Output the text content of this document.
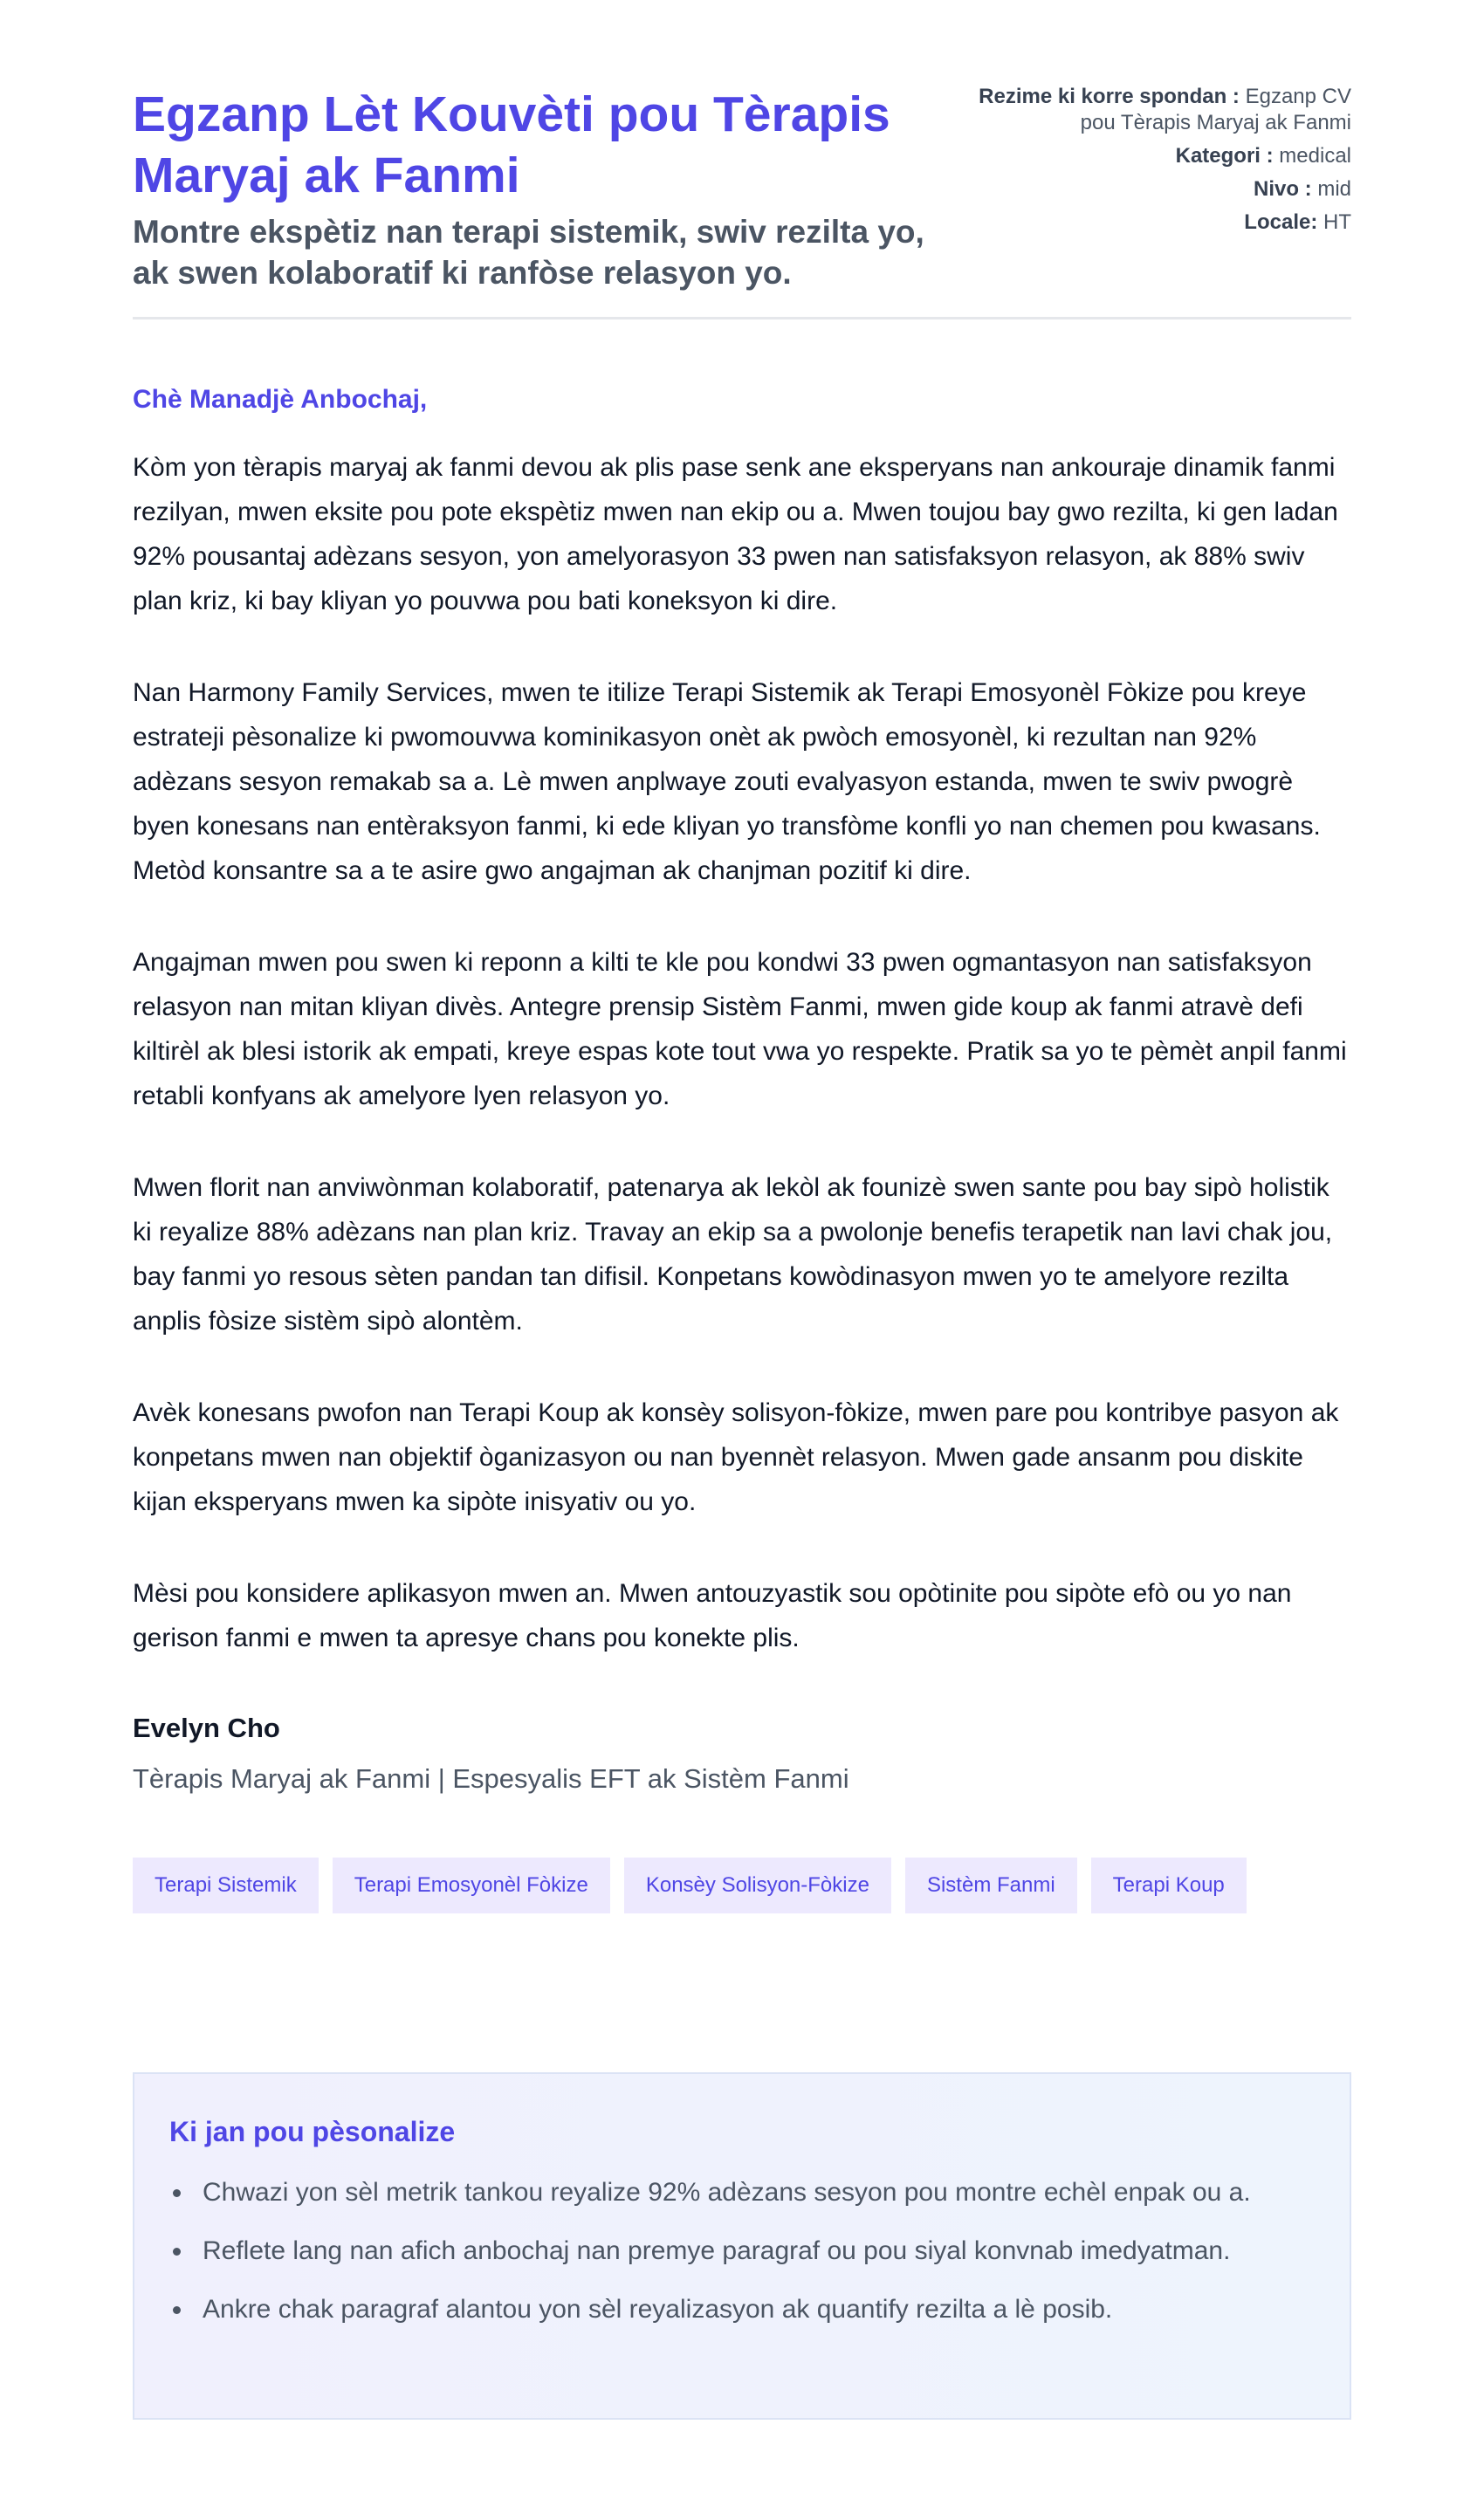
Egzanp Lèt Kouvèti pou Tèrapis Maryaj ak Fanmi
Montre ekspètiz nan terapi sistemik, swiv rezilta yo, ak swen kolaboratif ki ranfòse relasyon yo.
Rezime ki korre spondan : Egzanp CV pou Tèrapis Maryaj ak Fanmi
Kategori : medical
Nivo : mid
Locale: HT
Chè Manadjè Anbochaj,

Kòm yon tèrapis maryaj ak fanmi devou ak plis pase senk ane eksperyans nan ankouraje dinamik fanmi rezilyan, mwen eksite pou pote ekspètiz mwen nan ekip ou a. Mwen toujou bay gwo rezilta, ki gen ladan 92% pousantaj adèzans sesyon, yon amelyorasyon 33 pwen nan satisfaksyon relasyon, ak 88% swiv plan kriz, ki bay kliyan yo pouvwa pou bati koneksyon ki dire.

Nan Harmony Family Services, mwen te itilize Terapi Sistemik ak Terapi Emosyonèl Fòkize pou kreye estrateji pèsonalize ki pwomouvwa kominikasyon onèt ak pwòch emosyonèl, ki rezultan nan 92% adèzans sesyon remakab sa a. Lè mwen anplwaye zouti evalyasyon estanda, mwen te swiv pwogrè byen konesans nan entèraksyon fanmi, ki ede kliyan yo transfòme konfli yo nan chemen pou kwasans. Metòd konsantre sa a te asire gwo angajman ak chanjman pozitif ki dire.

Angajman mwen pou swen ki reponn a kilti te kle pou kondwi 33 pwen ogmantasyon nan satisfaksyon relasyon nan mitan kliyan divès. Antegre prensip Sistèm Fanmi, mwen gide koup ak fanmi atravè defi kiltirèl ak blesi istorik ak empati, kreye espas kote tout vwa yo respekte. Pratik sa yo te pèmèt anpil fanmi retabli konfyans ak amelyore lyen relasyon yo.

Mwen florit nan anviwònman kolaboratif, patenarya ak lekòl ak founizè swen sante pou bay sipò holistik ki reyalize 88% adèzans nan plan kriz. Travay an ekip sa a pwolonje benefis terapetik nan lavi chak jou, bay fanmi yo resous sèten pandan tan difisil. Konpetans kowòdinasyon mwen yo te amelyore rezilta anplis fòsize sistèm sipò alontèm.

Avèk konesans pwofon nan Terapi Koup ak konsèy solisyon-fòkize, mwen pare pou kontribye pasyon ak konpetans mwen nan objektif òganizasyon ou nan byennèt relasyon. Mwen gade ansanm pou diskite kijan eksperyans mwen ka sipòte inisyativ ou yo.

Mèsi pou konsidere aplikasyon mwen an. Mwen antouzyastik sou opòtinite pou sipòte efò ou yo nan gerison fanmi e mwen ta apresye chans pou konekte plis.

Evelyn Cho
Tèrapis Maryaj ak Fanmi | Espesyalis EFT ak Sistèm Fanmi
Terapi Sistemik	Terapi Emosyonèl Fòkize	Konsèy Solisyon-Fòkize	Sistèm Fanmi	Terapi Koup
Ki jan pou pèsonalize
Chwazi yon sèl metrik tankou reyalize 92% adèzans sesyon pou montre echèl enpak ou a.
Reflete lang nan afich anbochaj nan premye paragraf ou pou siyal konvnab imedyatman.
Ankre chak paragraf alantou yon sèl reyalizasyon ak quantify rezilta a lè posib.
